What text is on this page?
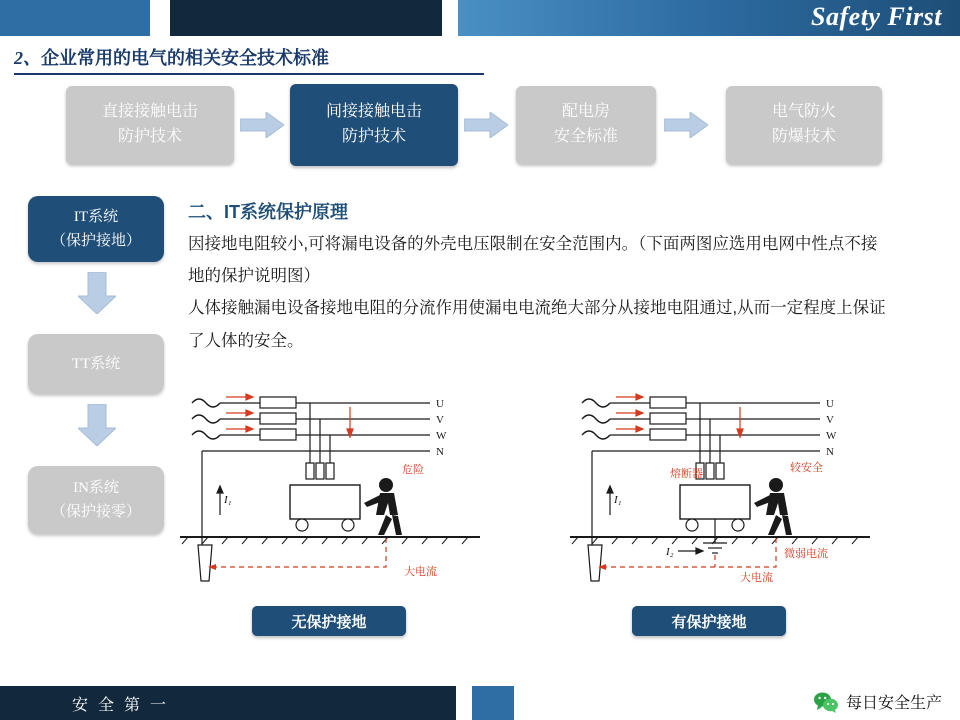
Safety First
2、企业常用的电气的相关安全技术标准
直接接触电击
防护技术
间接接触电击
防护技术
配电房
安全标准
电气防火
防爆技术
IT系统
（保护接地）
TT系统
IN系统
（保护接零）
二、IT系统保护原理
因接地电阻较小,可将漏电设备的外壳电压限制在安全范围内。（下面两图应选用电网中性点不接地的保护说明图）
人体接触漏电设备接地电阻的分流作用使漏电电流绝大部分从接地电阻通过,从而一定程度上保证了人体的安全。
U
V
W
N
I₁
危险
大电流
U
V
W
N
I₁
I₂
熔断器	较安全
微弱电流
大电流
无保护接地	有保护接地
安 全 第 一	每日安全生产
